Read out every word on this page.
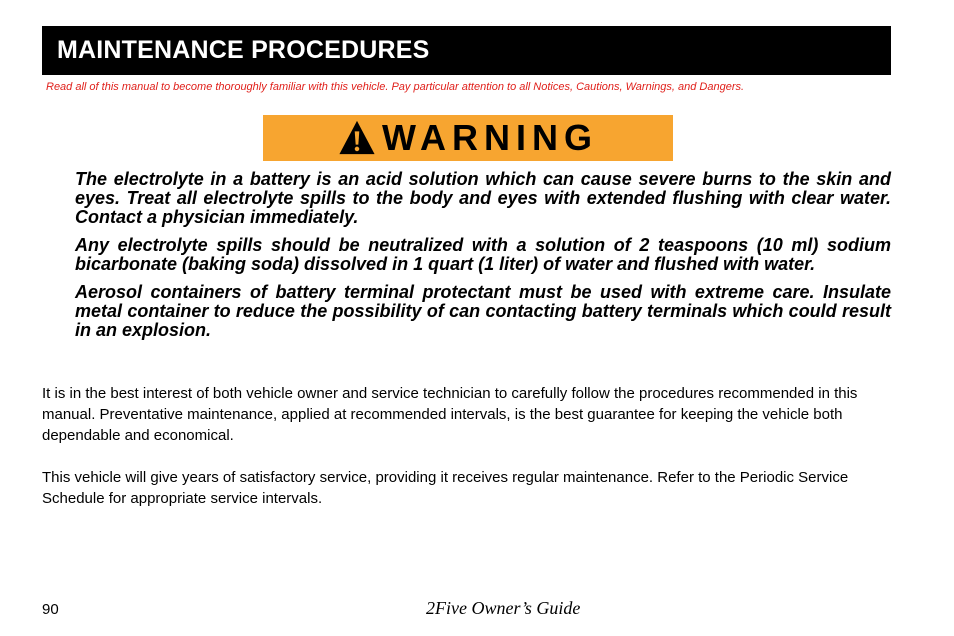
MAINTENANCE PROCEDURES
Read all of this manual to become thoroughly familiar with this vehicle. Pay particular attention to all Notices, Cautions, Warnings, and Dangers.
WARNING

The electrolyte in a battery is an acid solution which can cause severe burns to the skin and eyes. Treat all electrolyte spills to the body and eyes with extended flushing with clear water. Contact a physician immediately.

Any electrolyte spills should be neutralized with a solution of 2 teaspoons (10 ml) sodium bicarbonate (baking soda) dissolved in 1 quart (1 liter) of water and flushed with water.

Aerosol containers of battery terminal protectant must be used with extreme care. Insulate metal container to reduce the possibility of can contacting battery terminals which could result in an explosion.

It is in the best interest of both vehicle owner and service technician to carefully follow the procedures recommended in this manual. Preventative maintenance, applied at recommended intervals, is the best guarantee for keeping the vehicle both dependable and economical.

This vehicle will give years of satisfactory service, providing it receives regular maintenance. Refer to the Periodic Service Schedule for appropriate service intervals.

90	2Five Owner’s Guide
